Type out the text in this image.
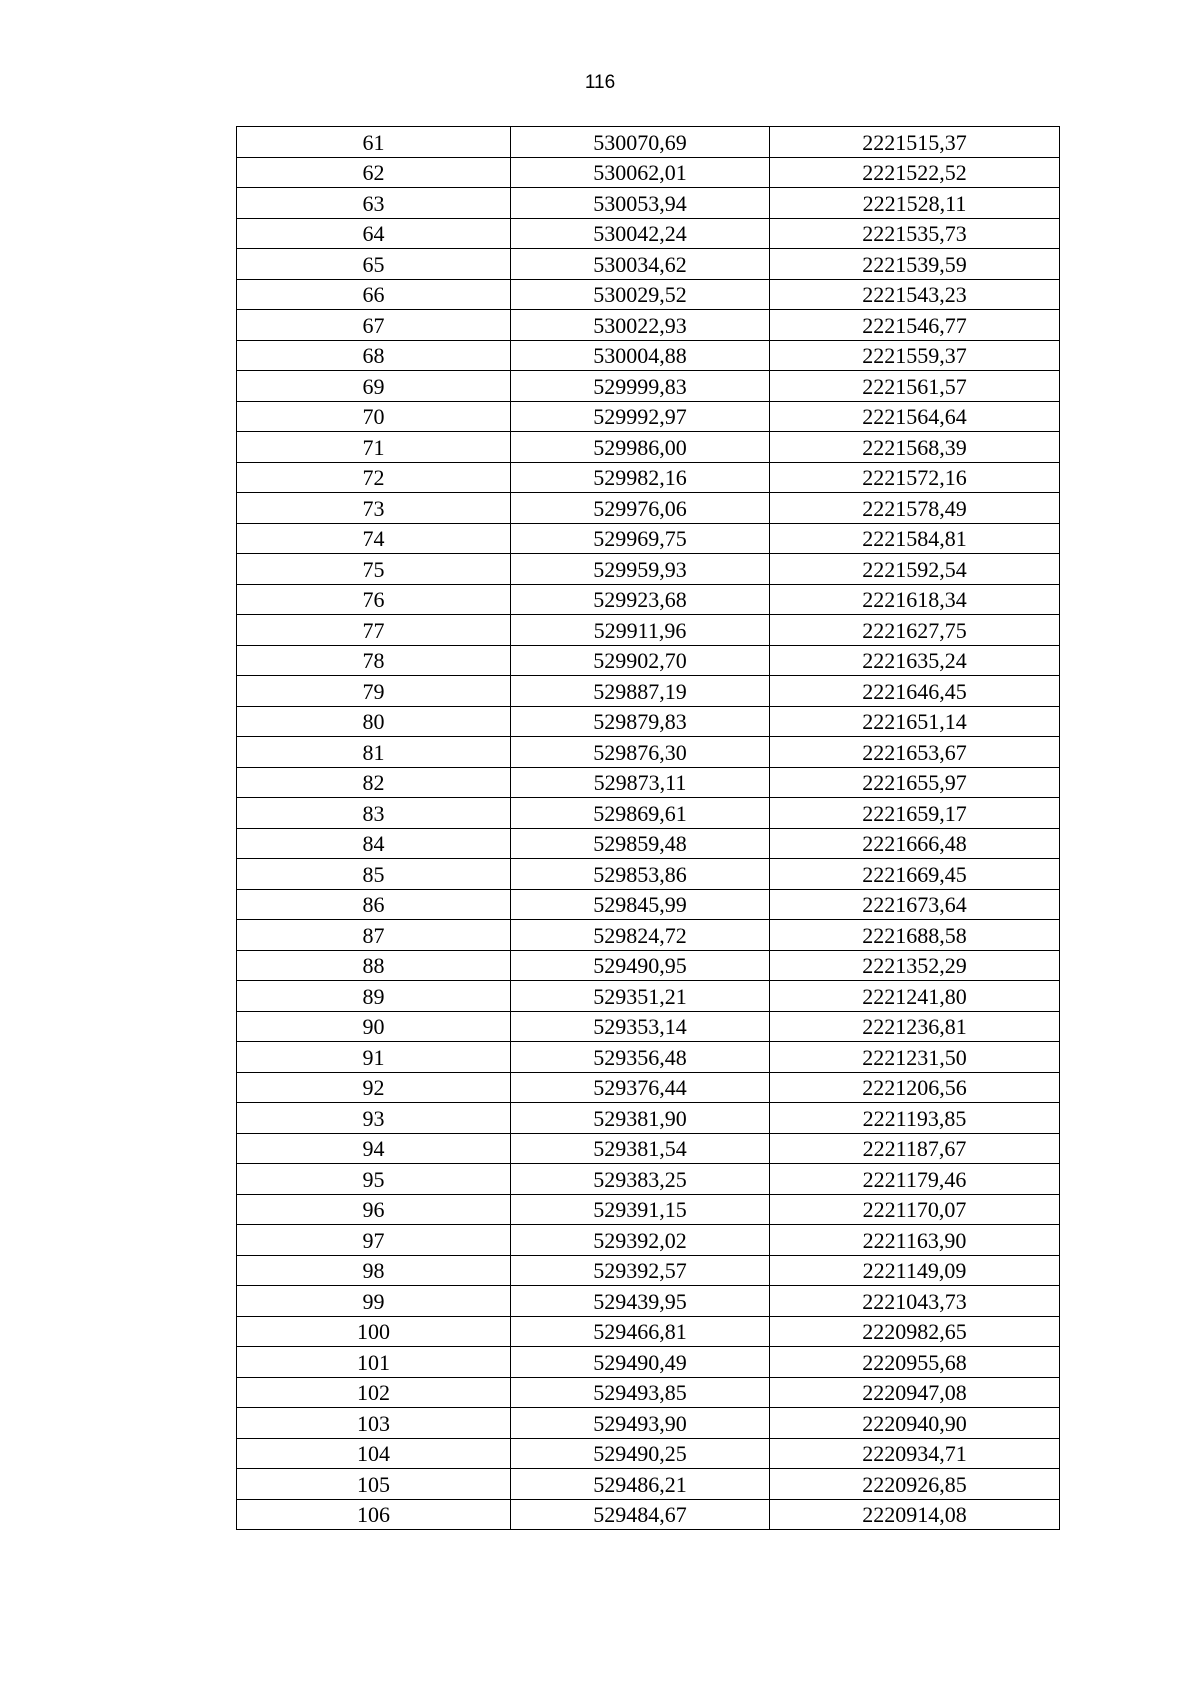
116
61	530070,69	2221515,37
62	530062,01	2221522,52
63	530053,94	2221528,11
64	530042,24	2221535,73
65	530034,62	2221539,59
66	530029,52	2221543,23
67	530022,93	2221546,77
68	530004,88	2221559,37
69	529999,83	2221561,57
70	529992,97	2221564,64
71	529986,00	2221568,39
72	529982,16	2221572,16
73	529976,06	2221578,49
74	529969,75	2221584,81
75	529959,93	2221592,54
76	529923,68	2221618,34
77	529911,96	2221627,75
78	529902,70	2221635,24
79	529887,19	2221646,45
80	529879,83	2221651,14
81	529876,30	2221653,67
82	529873,11	2221655,97
83	529869,61	2221659,17
84	529859,48	2221666,48
85	529853,86	2221669,45
86	529845,99	2221673,64
87	529824,72	2221688,58
88	529490,95	2221352,29
89	529351,21	2221241,80
90	529353,14	2221236,81
91	529356,48	2221231,50
92	529376,44	2221206,56
93	529381,90	2221193,85
94	529381,54	2221187,67
95	529383,25	2221179,46
96	529391,15	2221170,07
97	529392,02	2221163,90
98	529392,57	2221149,09
99	529439,95	2221043,73
100	529466,81	2220982,65
101	529490,49	2220955,68
102	529493,85	2220947,08
103	529493,90	2220940,90
104	529490,25	2220934,71
105	529486,21	2220926,85
106	529484,67	2220914,08
